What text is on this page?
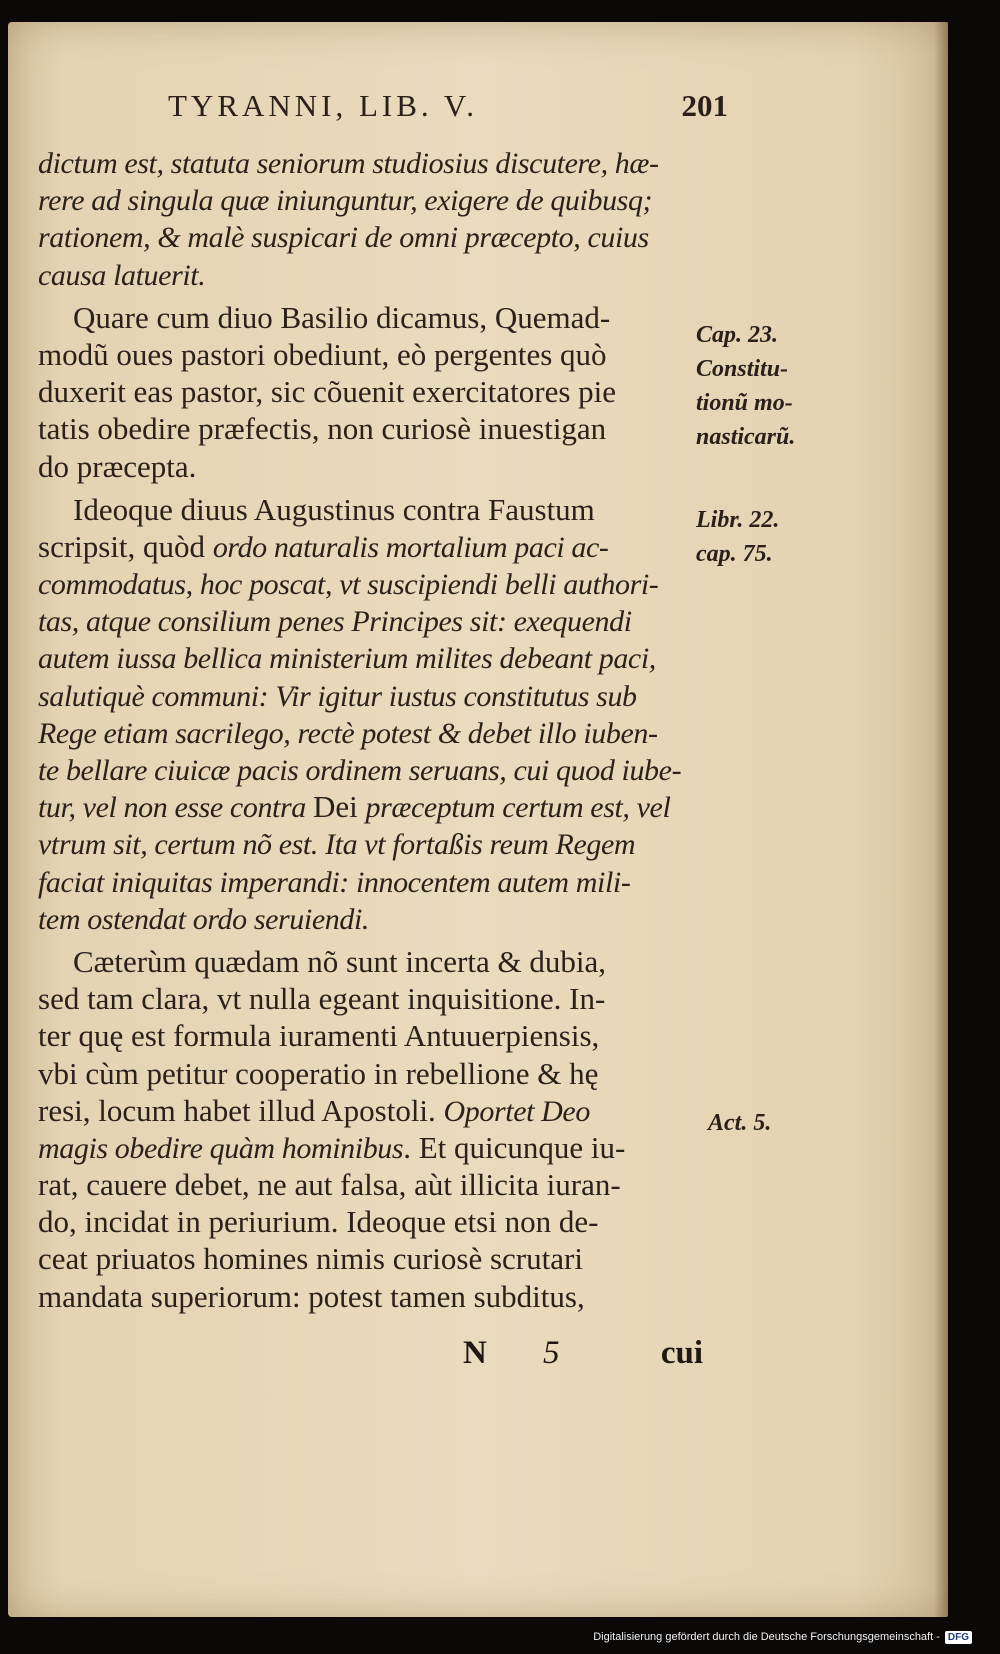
TYRANNI, LIB. V.	201
dictum est, statuta seniorum studiosius discutere, hæ-
rere ad singula quæ iniunguntur, exigere de quibusq;
rationem, & malè suspicari de omni præcepto, cuius
causa latuerit.
Quare cum diuo Basilio dicamus, Quemad-
modũ oues pastori obediunt, eò pergentes quò
duxerit eas pastor, sic cõuenit exercitatores pie
tatis obedire præfectis, non curiosè inuestigan
do præcepta.
Ideoque diuus Augustinus contra Faustum
scripsit, quòd ordo naturalis mortalium paci ac-
commodatus, hoc poscat, vt suscipiendi belli authori-
tas, atque consilium penes Principes sit: exequendi
autem iussa bellica ministerium milites debeant paci,
salutiquè communi: Vir igitur iustus constitutus sub
Rege etiam sacrilego, rectè potest & debet illo iuben-
te bellare ciuicæ pacis ordinem seruans, cui quod iube-
tur, vel non esse contra Dei præceptum certum est, vel
vtrum sit, certum nõ est. Ita vt fortaßis reum Regem
faciat iniquitas imperandi: innocentem autem mili-
tem ostendat ordo seruiendi.
Cæterùm quædam nõ sunt incerta & dubia,
sed tam clara, vt nulla egeant inquisitione. In-
ter quę est formula iuramenti Antuuerpiensis,
vbi cùm petitur cooperatio in rebellione & hę
resi, locum habet illud Apostoli. Oportet Deo
magis obedire quàm hominibus. Et quicunque iu-
rat, cauere debet, ne aut falsa, aùt illicita iuran-
do, incidat in periurium. Ideoque etsi non de-
ceat priuatos homines nimis curiosè scrutari
mandata superiorum: potest tamen subditus,
N 5	cui
Cap. 23.
Constitu-
tionũ mo-
nasticarũ.
Libr. 22.
cap. 75.
Act. 5.
Digitalisierung gefördert durch die Deutsche Forschungsgemeinschaft - DFG
